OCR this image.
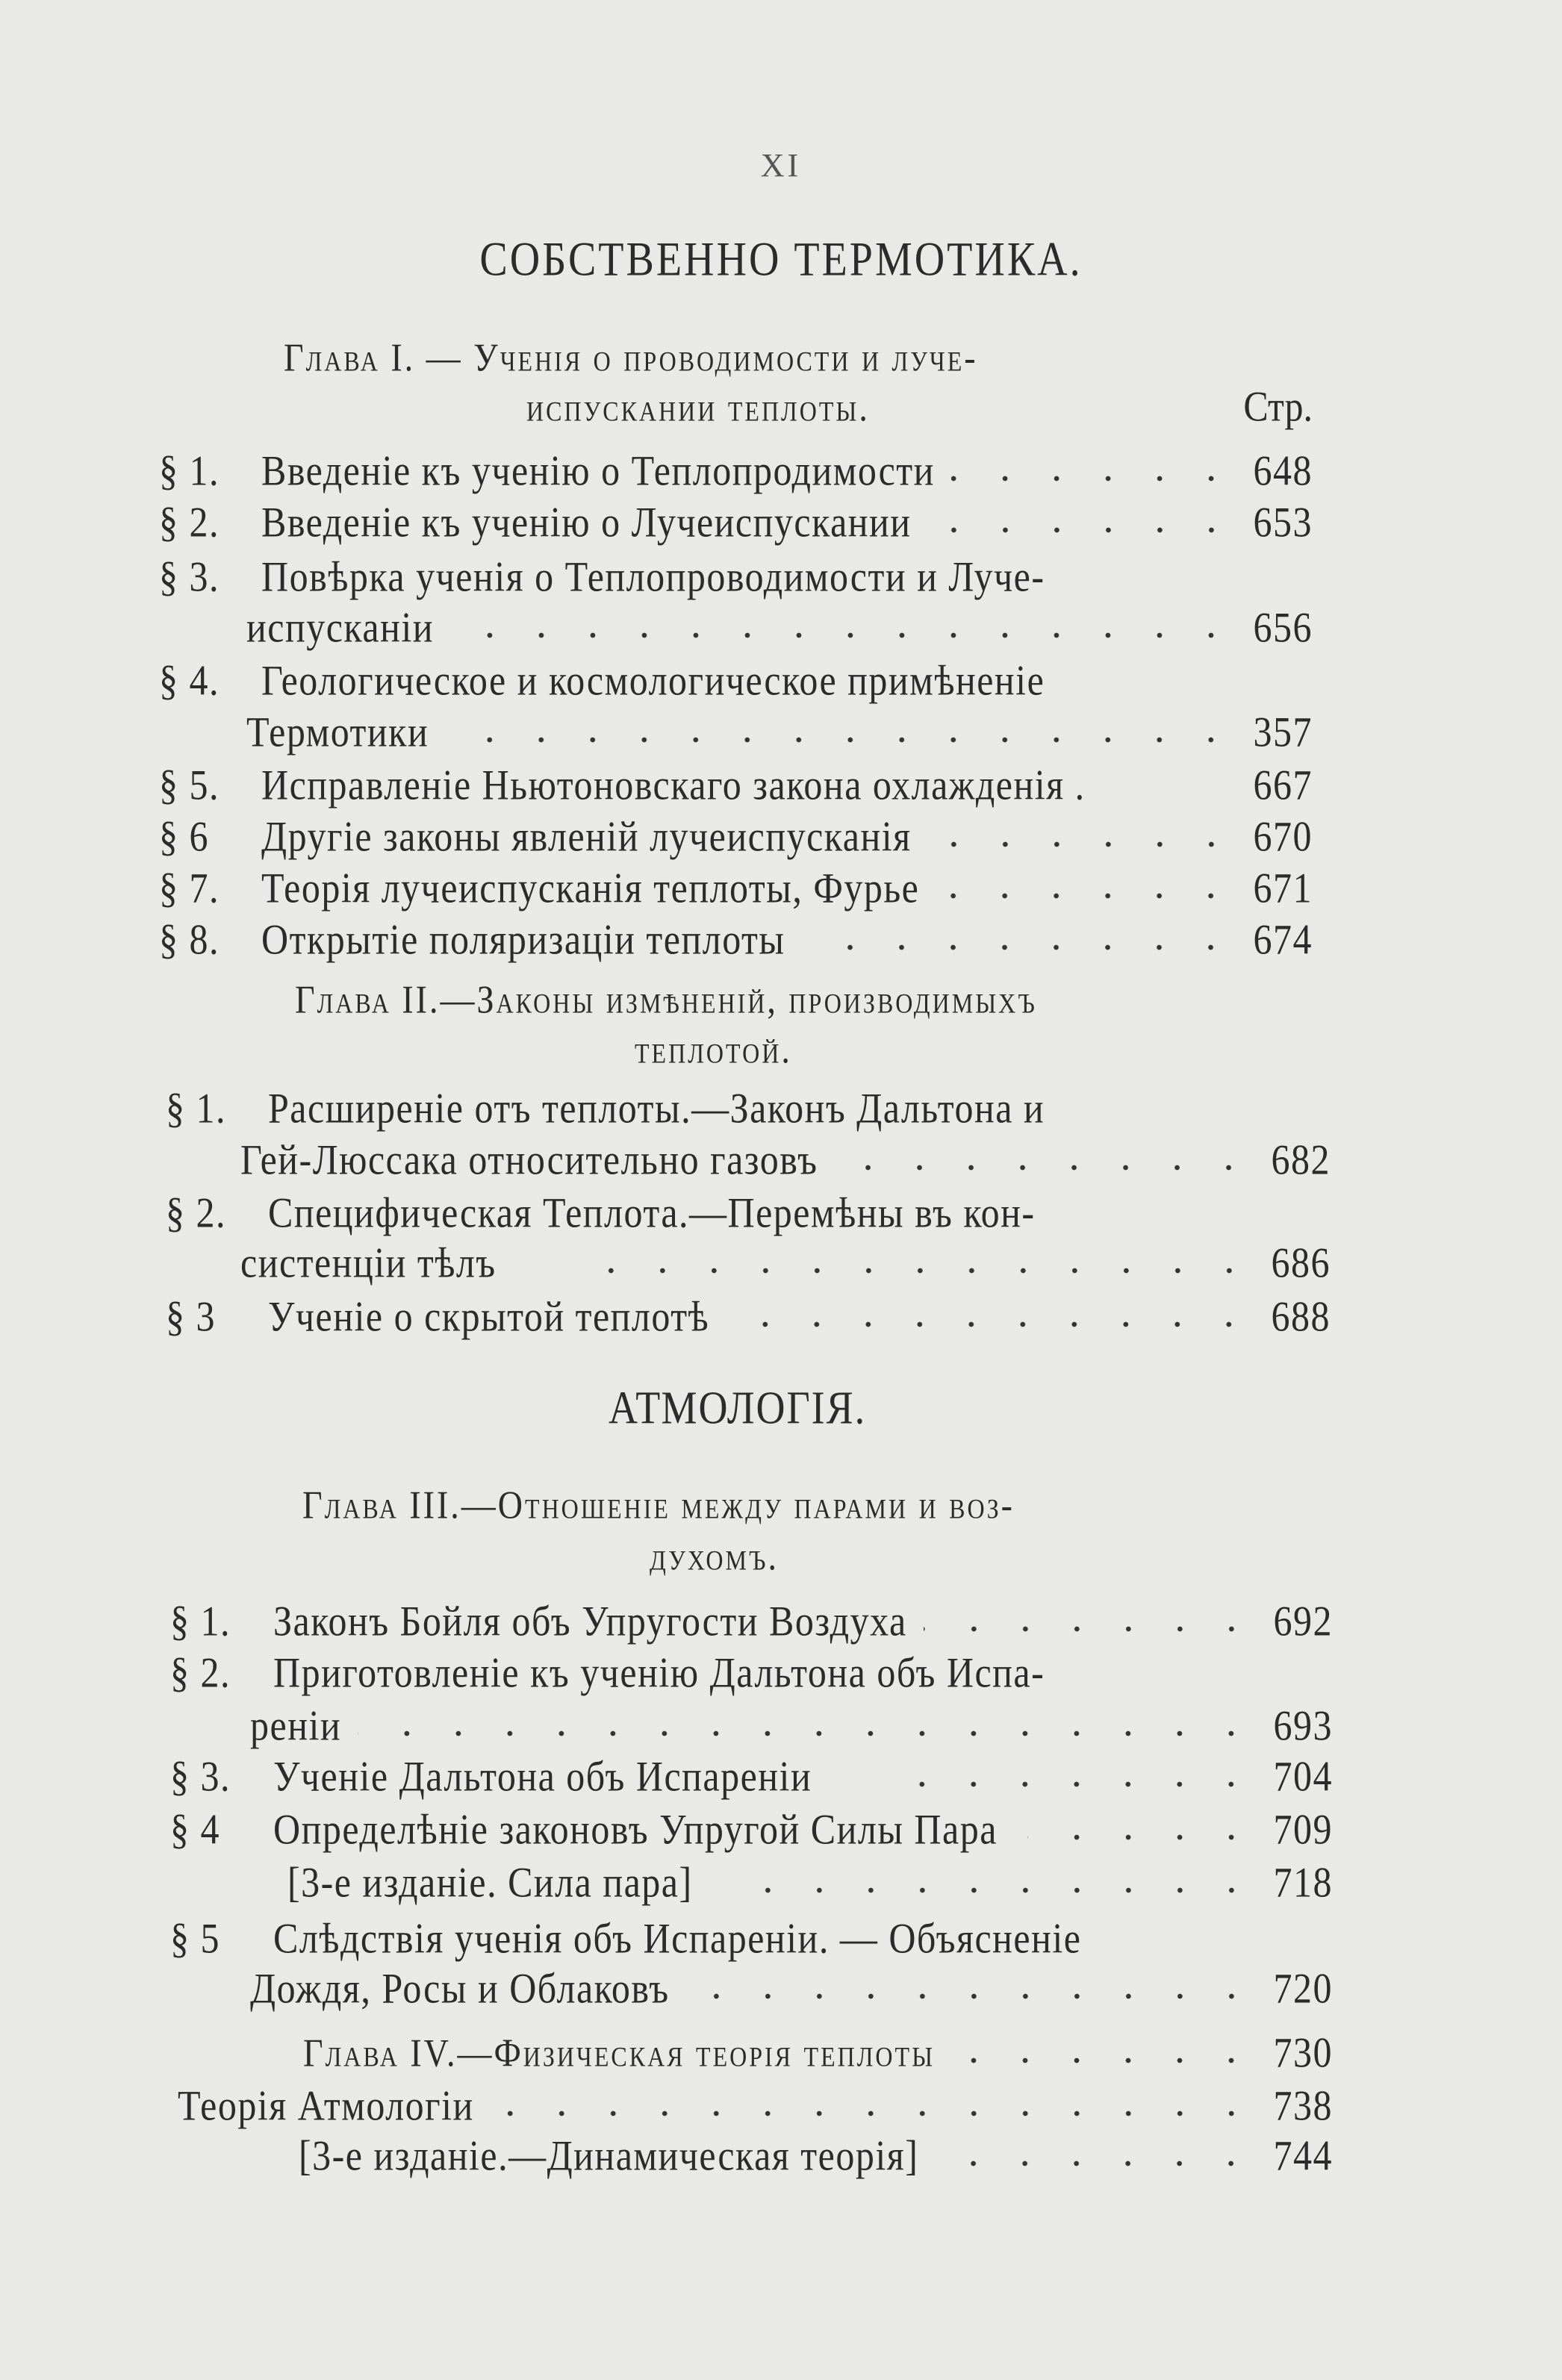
XI
СОБСТВЕННО ТЕРМОТИКА.
Глава I. — Ученія о проводимости и луче-
испускании теплоты.	Стр.
§ 1.	Введеніе къ ученію о Теплопродимости	648
§ 2.	Введеніе къ ученію о Лучеиспускании	653
§ 3.	Повѣрка ученія о Теплопроводимости и Луче-
испусканіи	656
§ 4.	Геологическое и космологическое примѣненіе
Термотики	357
§ 5.	Исправленіе Ньютоновскаго закона охлажденія .	667
§ 6	Другіе законы явленій лучеиспусканія	670
§ 7.	Теорія лучеиспусканія теплоты, Фурье	671
§ 8.	Открытіе поляризаціи теплоты	674
Глава II.—Законы измѣненій, производимыхъ
теплотой.
§ 1.	Расширеніе отъ теплоты.—Законъ Дальтона и
Гей-Люссака относительно газовъ	682
§ 2.	Специфическая Теплота.—Перемѣны въ кон-
систенціи тѣлъ	686
§ 3	Ученіе о скрытой теплотѣ	688
АТМОЛОГІЯ.
Глава III.—Отношеніе между парами и воз-
духомъ.
§ 1.	Законъ Бойля объ Упругости Воздуха	692
§ 2.	Приготовленіе къ ученію Дальтона объ Испа-
реніи	693
§ 3.	Ученіе Дальтона объ Испареніи	704
§ 4	Определѣніе законовъ Упругой Силы Пара	709
[3-е изданіе. Сила пара]	718
§ 5	Слѣдствія ученія объ Испареніи. — Объясненіе
Дождя, Росы и Облаковъ	720
Глава IV.—Физическая теорія теплоты	730
Теорія Атмологіи	738
[3-е изданіе.—Динамическая теорія]	744
